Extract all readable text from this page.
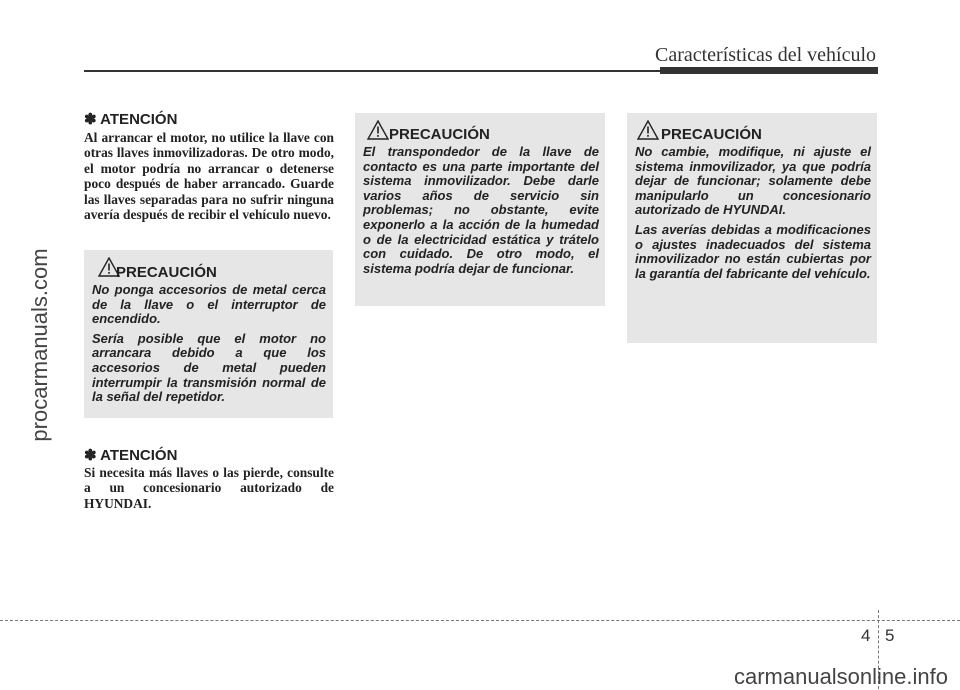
Características del vehículo
procarmanuals.com
✽ ATENCIÓN
Al arrancar el motor, no utilice la llave con otras llaves inmovilizadoras. De otro modo, el motor podría no arrancar o detenerse poco después de haber arrancado. Guarde las llaves separadas para no sufrir ninguna avería después de recibir el vehículo nuevo.
PRECAUCIÓN
No ponga accesorios de metal cerca de la llave o el interruptor de encendido.
Sería posible que el motor no arrancara debido a que los accesorios de metal pueden interrumpir la transmisión normal de la señal del repetidor.
✽ ATENCIÓN
Si necesita más llaves o las pierde, consulte a un concesionario autorizado de HYUNDAI.
PRECAUCIÓN
El transpondedor de la llave de contacto es una parte importante del sistema inmovilizador. Debe darle varios años de servicio sin problemas; no obstante, evite exponerlo a la acción de la humedad o de la electricidad estática y trátelo con cuidado. De otro modo, el sistema podría dejar de funcionar.
PRECAUCIÓN
No cambie, modifique, ni ajuste el sistema inmovilizador, ya que podría dejar de funcionar; solamente debe manipularlo un concesionario autorizado de HYUNDAI.
Las averías debidas a modificaciones o ajustes inadecuados del sistema inmovilizador no están cubiertas por la garantía del fabricante del vehículo.
4 5
carmanualsonline.info
